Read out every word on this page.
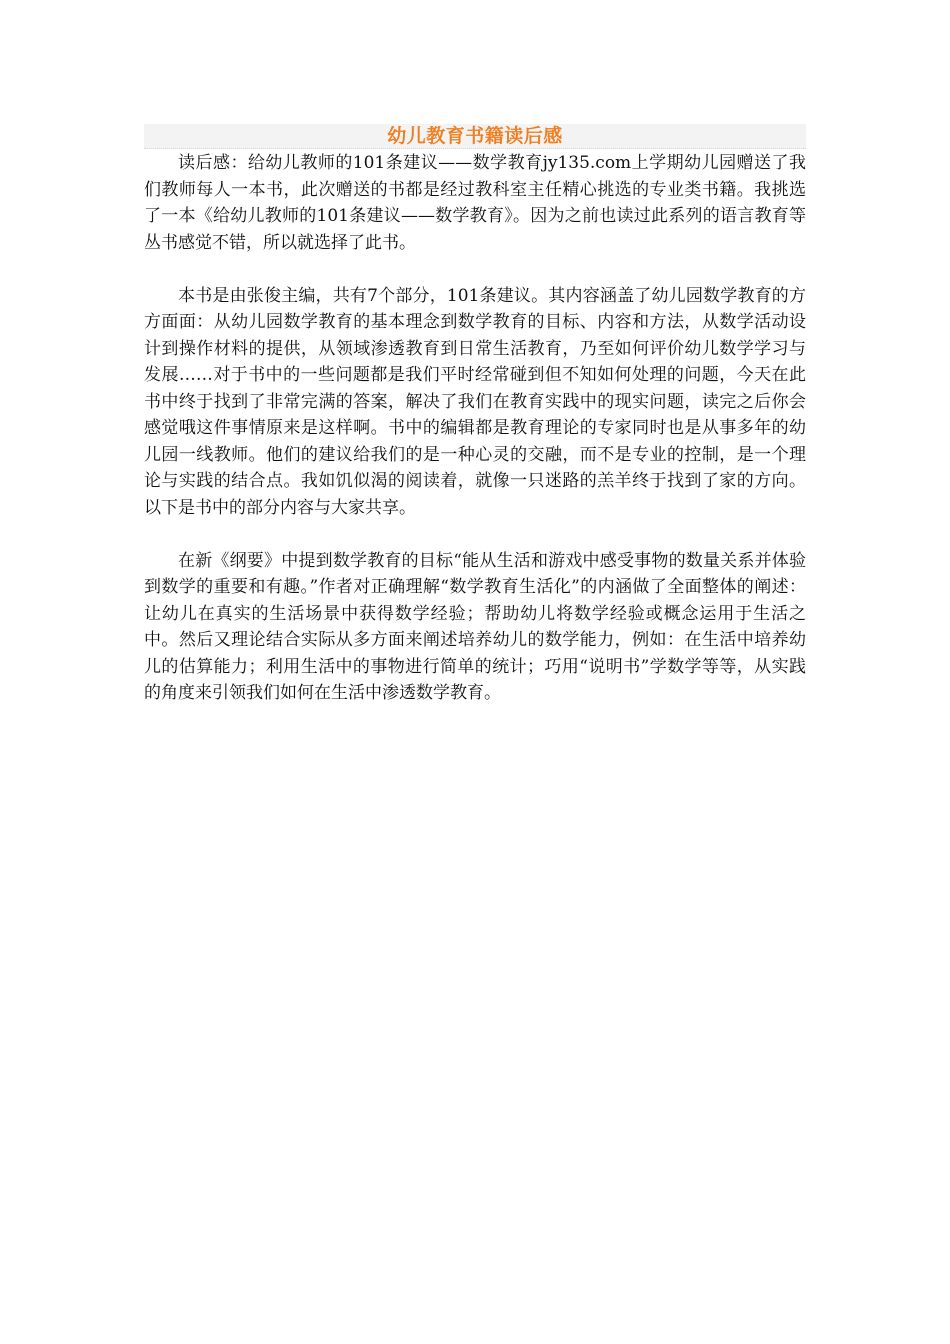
幼儿教育书籍读后感

读后感：给幼儿教师的101条建议——数学教育jy135.com上学期幼儿园赠送了我们教师每人一本书，此次赠送的书都是经过教科室主任精心挑选的专业类书籍。我挑选了一本《给幼儿教师的101条建议——数学教育》。因为之前也读过此系列的语言教育等丛书感觉不错，所以就选择了此书。

本书是由张俊主编，共有7个部分，101条建议。其内容涵盖了幼儿园数学教育的方方面面：从幼儿园数学教育的基本理念到数学教育的目标、内容和方法，从数学活动设计到操作材料的提供，从领域渗透教育到日常生活教育，乃至如何评价幼儿数学学习与发展……对于书中的一些问题都是我们平时经常碰到但不知如何处理的问题，今天在此书中终于找到了非常完满的答案，解决了我们在教育实践中的现实问题，读完之后你会感觉哦这件事情原来是这样啊。书中的编辑都是教育理论的专家同时也是从事多年的幼儿园一线教师。他们的建议给我们的是一种心灵的交融，而不是专业的控制，是一个理论与实践的结合点。我如饥似渴的阅读着，就像一只迷路的羔羊终于找到了家的方向。以下是书中的部分内容与大家共享。

在新《纲要》中提到数学教育的目标“能从生活和游戏中感受事物的数量关系并体验到数学的重要和有趣。”作者对正确理解“数学教育生活化”的内涵做了全面整体的阐述：让幼儿在真实的生活场景中获得数学经验；帮助幼儿将数学经验或概念运用于生活之中。然后又理论结合实际从多方面来阐述培养幼儿的数学能力，例如：在生活中培养幼儿的估算能力；利用生活中的事物进行简单的统计；巧用“说明书”学数学等等，从实践的角度来引领我们如何在生活中渗透数学教育。
